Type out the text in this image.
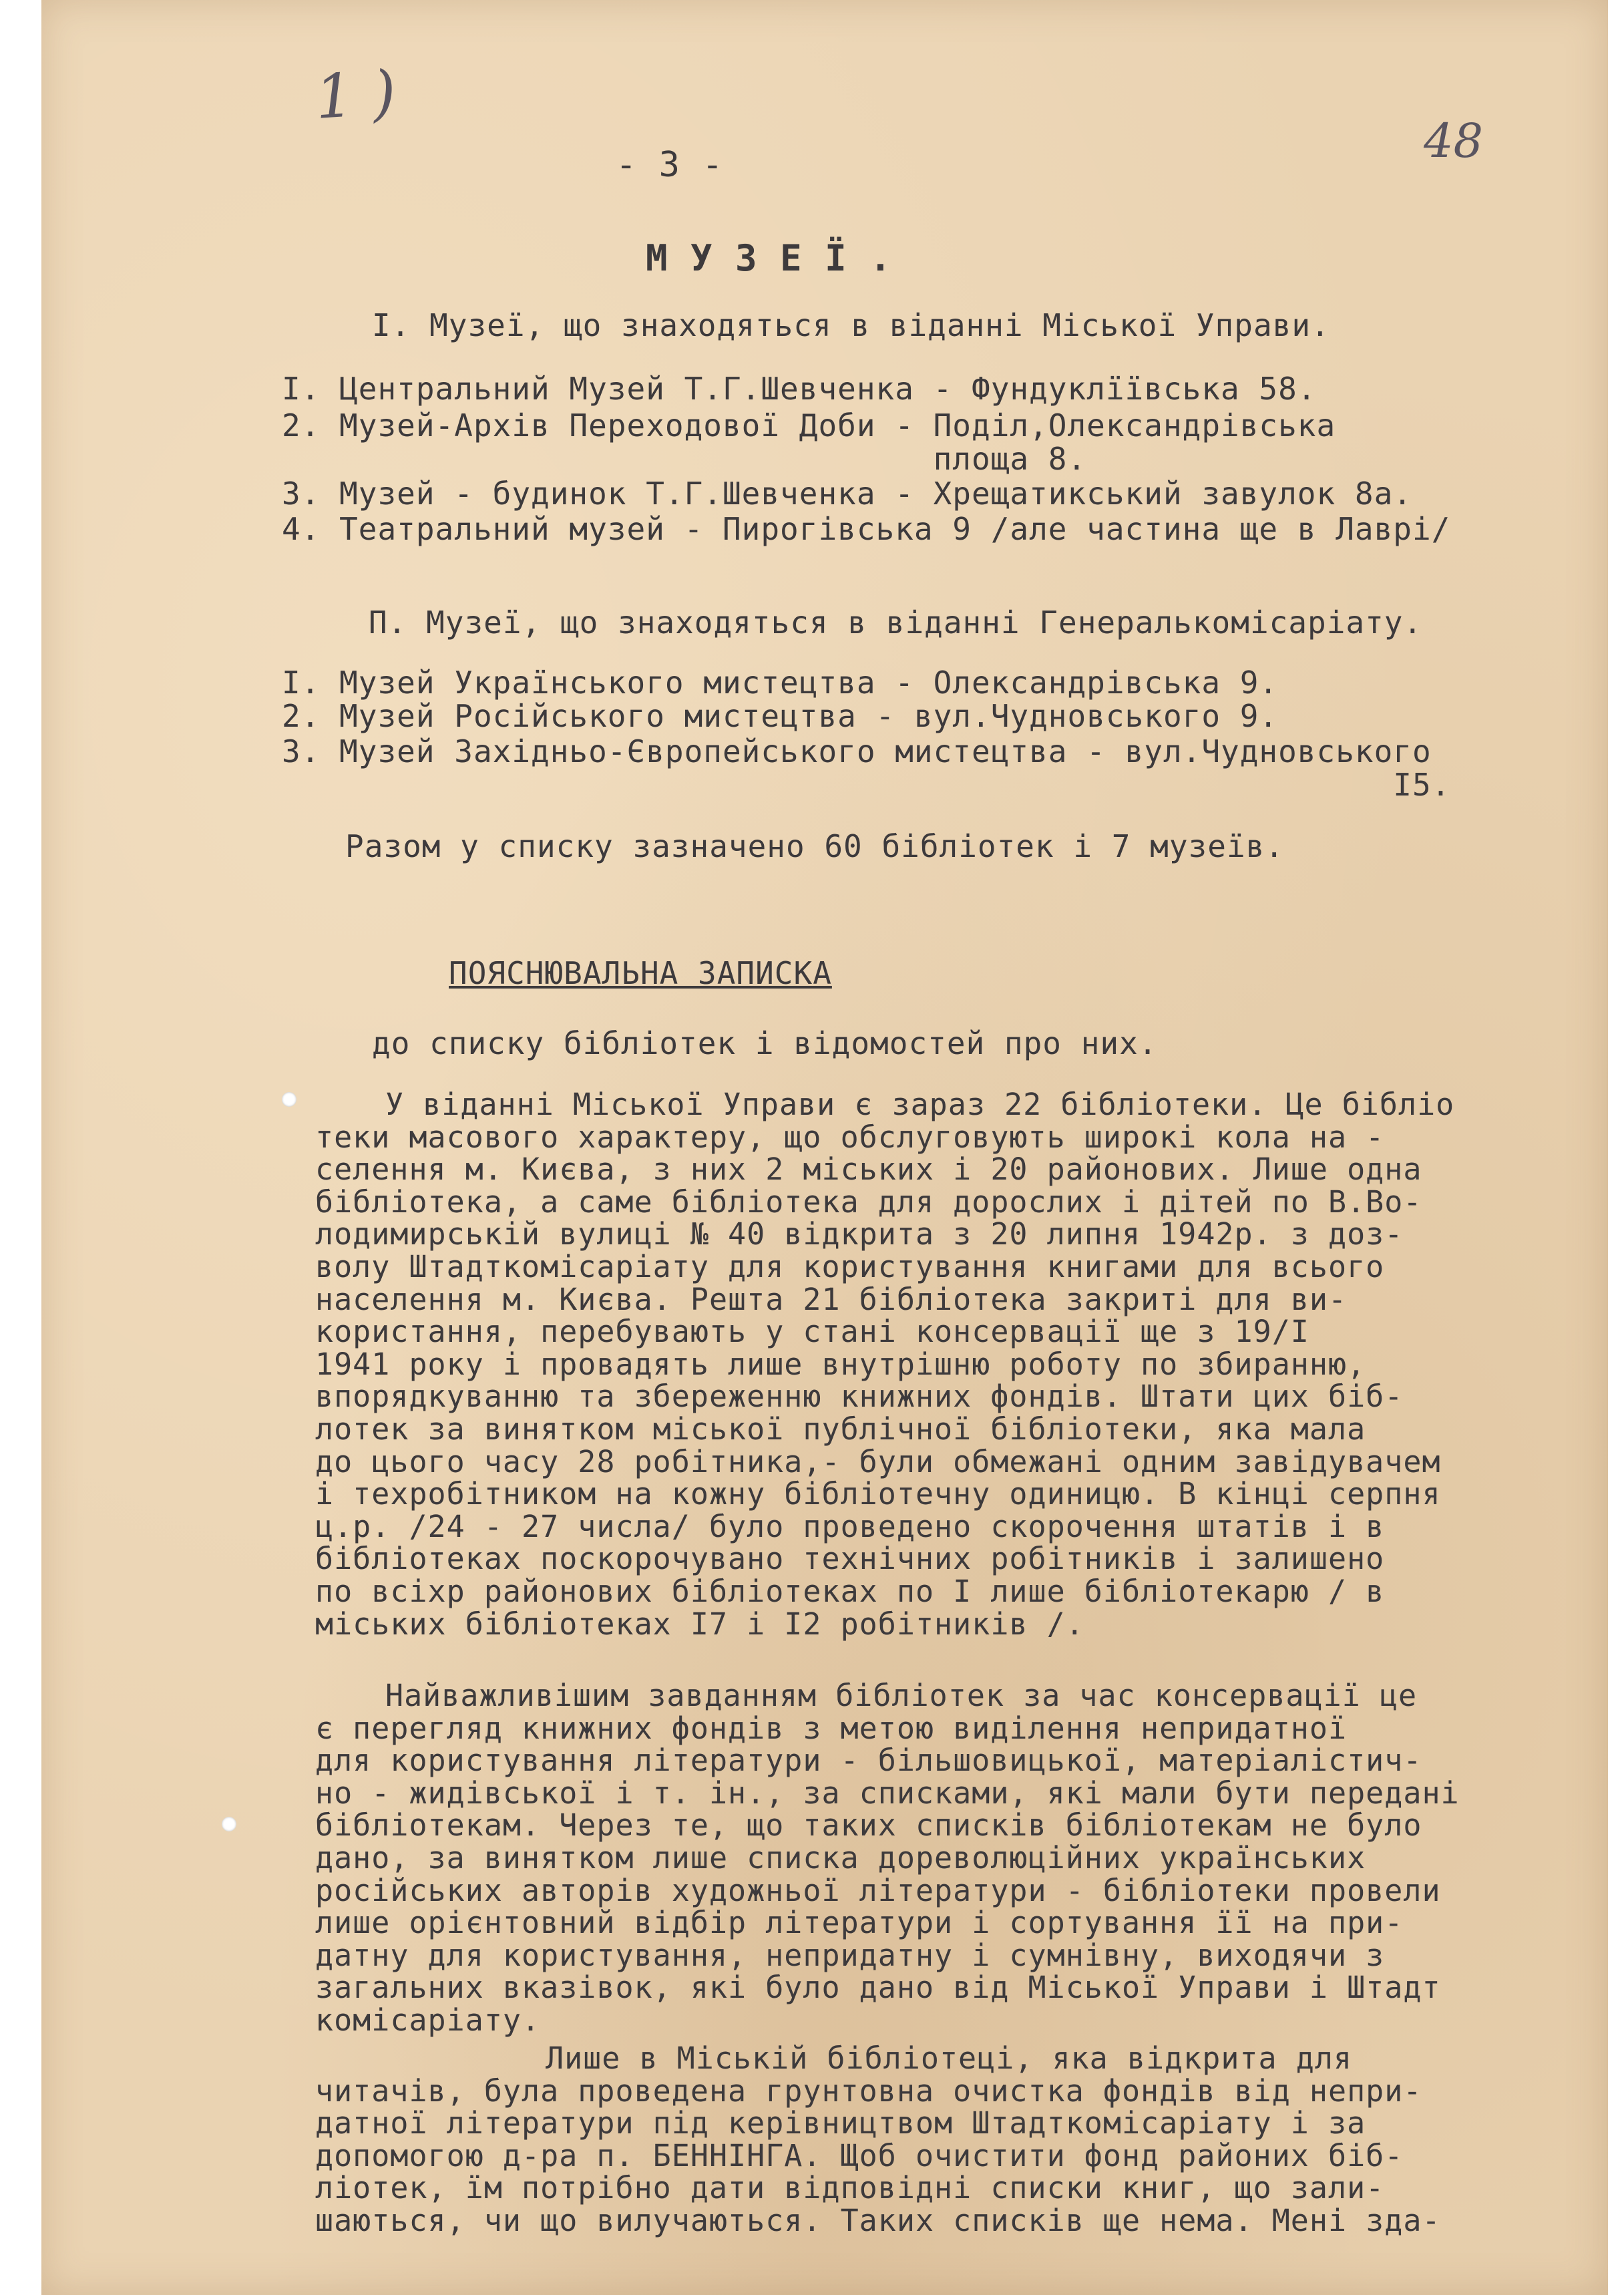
1 )
48
- 3 -
М У З Е Ї .
І. Музеї, що знаходяться в віданні Міської Управи.
І. Центральний Музей Т.Г.Шевченка - Фундуклїївська 58.
2. Музей-Архів Переходової Доби - Поділ,Олександрівська
площа 8.
3. Музей - будинок Т.Г.Шевченка - Хрещатикський завулок 8а.
4. Театральний музей - Пирогівська 9 /але частина ще в Лаврі/
П. Музеї, що знаходяться в віданні Генералькомісаріату.
І. Музей Українського мистецтва - Олександрівська 9.
2. Музей Російського мистецтва - вул.Чудновського 9.
3. Музей Західньо-Європейського мистецтва - вул.Чудновського
І5.
Разом у списку зазначено 60 бібліотек і 7 музеїв.
ПОЯСНЮВАЛЬНА ЗАПИСКА
до списку бібліотек і відомостей про них.
У віданні Міської Управи є зараз 22 бібліотеки. Це бібліо
теки масового характеру, що обслуговують широкі кола на -
селення м. Києва, з них 2 міських і 20 районових. Лише одна
бібліотека, а саме бібліотека для дорослих і дітей по В.Во-
лодимирській вулиці № 40 відкрита з 20 липня 1942р. з доз-
волу Штадткомісаріату для користування книгами для всього
населення м. Києва. Решта 21 бібліотека закриті для ви-
користання, перебувають у стані консервації ще з 19/І
1941 року і провадять лише внутрішню роботу по збиранню,
впорядкуванню та збереженню книжних фондів. Штати цих біб-
лотек за винятком міської публічної бібліотеки, яка мала
до цього часу 28 робітника,- були обмежані одним завідувачем
і техробітником на кожну бібліотечну одиницю. В кінці серпня
ц.р. /24 - 27 числа/ було проведено скорочення штатів і в
бібліотеках поскорочувано технічних робітників і залишено
по всіхр районових бібліотеках по І лише бібліотекарю / в
міських бібліотеках І7 і І2 робітників /.
Найважливішим завданням бібліотек за час консервації це
є перегляд книжних фондів з метою виділення непридатної
для користування літератури - більшовицької, матеріалістич-
но - жидівської і т. ін., за списками, які мали бути передані
бібліотекам. Через те, що таких списків бібліотекам не було
дано, за винятком лише списка дореволюційних українських
російських авторів художньої літератури - бібліотеки провели
лише орієнтовний відбір літератури і сортування її на при-
датну для користування, непридатну і сумнівну, виходячи з
загальних вказівок, які було дано від Міської Управи і Штадт
комісаріату.
Лише в Міській бібліотеці, яка відкрита для
читачів, була проведена грунтовна очистка фондів від непри-
датної літератури під керівництвом Штадткомісаріату і за
допомогою д-ра п. БЕННІНГА. Щоб очистити фонд районих біб-
ліотек, їм потрібно дати відповідні списки книг, що зали-
шаються, чи що вилучаються. Таких списків ще нема. Мені зда-
